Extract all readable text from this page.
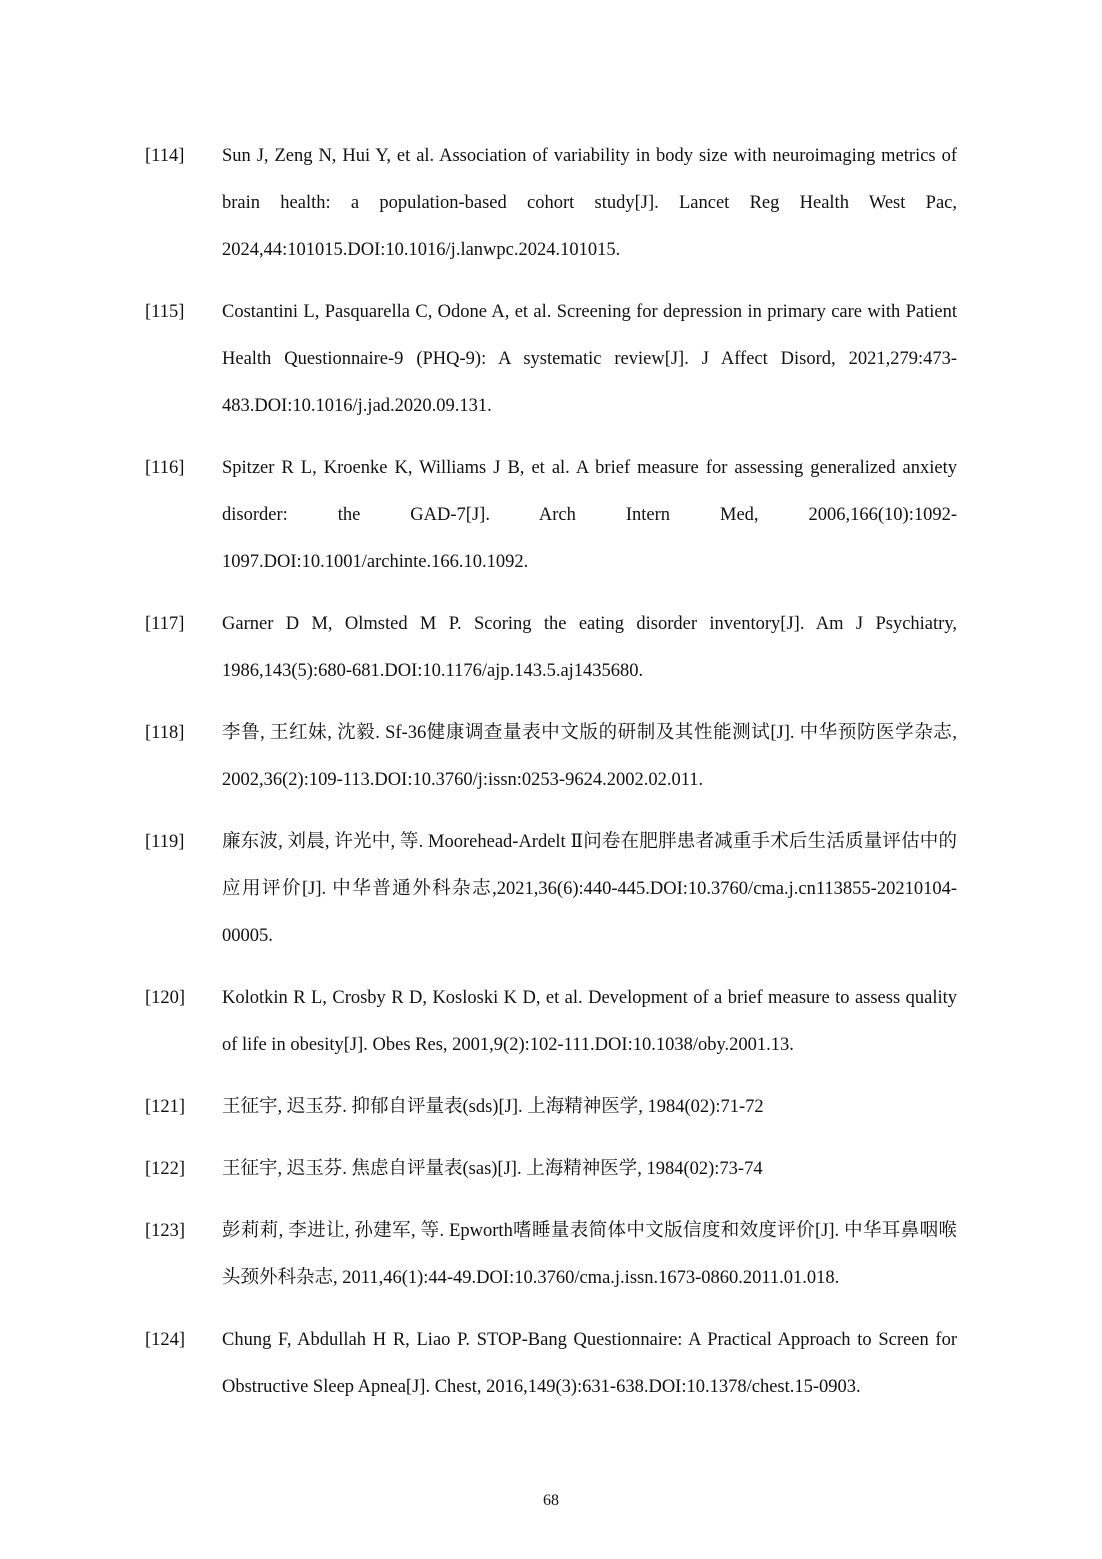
[114] Sun J, Zeng N, Hui Y, et al. Association of variability in body size with neuroimaging metrics of brain health: a population-based cohort study[J]. Lancet Reg Health West Pac, 2024,44:101015.DOI:10.1016/j.lanwpc.2024.101015.
[115] Costantini L, Pasquarella C, Odone A, et al. Screening for depression in primary care with Patient Health Questionnaire-9 (PHQ-9): A systematic review[J]. J Affect Disord, 2021,279:473-483.DOI:10.1016/j.jad.2020.09.131.
[116] Spitzer R L, Kroenke K, Williams J B, et al. A brief measure for assessing generalized anxiety disorder: the GAD-7[J]. Arch Intern Med, 2006,166(10):1092-1097.DOI:10.1001/archinte.166.10.1092.
[117] Garner D M, Olmsted M P. Scoring the eating disorder inventory[J]. Am J Psychiatry, 1986,143(5):680-681.DOI:10.1176/ajp.143.5.aj1435680.
[118] 李鲁, 王红妹, 沈毅. Sf-36健康调查量表中文版的研制及其性能测试[J]. 中华预防医学杂志, 2002,36(2):109-113.DOI:10.3760/j:issn:0253-9624.2002.02.011.
[119] 廉东波, 刘晨, 许光中, 等. Moorehead-Ardelt Ⅱ问卷在肥胖患者减重手术后生活质量评估中的应用评价[J]. 中华普通外科杂志,2021,36(6):440-445.DOI:10.3760/cma.j.cn113855-20210104-00005.
[120] Kolotkin R L, Crosby R D, Kosloski K D, et al. Development of a brief measure to assess quality of life in obesity[J]. Obes Res, 2001,9(2):102-111.DOI:10.1038/oby.2001.13.
[121] 王征宇, 迟玉芬. 抑郁自评量表(sds)[J]. 上海精神医学, 1984(02):71-72
[122] 王征宇, 迟玉芬. 焦虑自评量表(sas)[J]. 上海精神医学, 1984(02):73-74
[123] 彭莉莉, 李进让, 孙建军, 等. Epworth嗜睡量表简体中文版信度和效度评价[J]. 中华耳鼻咽喉头颈外科杂志, 2011,46(1):44-49.DOI:10.3760/cma.j.issn.1673-0860.2011.01.018.
[124] Chung F, Abdullah H R, Liao P. STOP-Bang Questionnaire: A Practical Approach to Screen for Obstructive Sleep Apnea[J]. Chest, 2016,149(3):631-638.DOI:10.1378/chest.15-0903.
68
